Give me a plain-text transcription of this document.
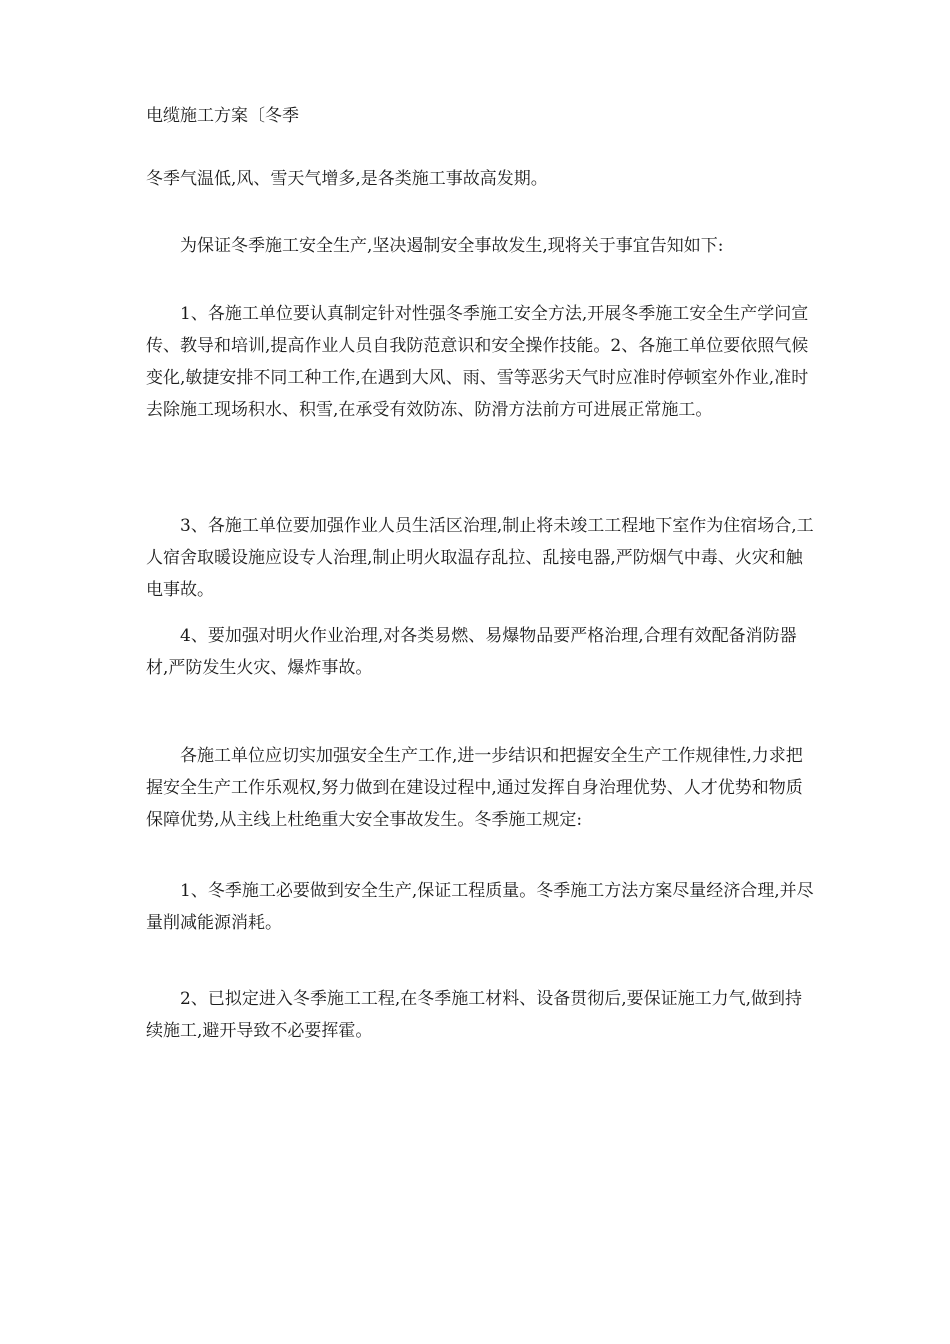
电缆施工方案〔冬季

冬季气温低,风、雪天气增多,是各类施工事故高发期。

为保证冬季施工安全生产,坚决遏制安全事故发生,现将关于事宜告知如下:

1、各施工单位要认真制定针对性强冬季施工安全方法,开展冬季施工安全生产学问宣传、教导和培训,提高作业人员自我防范意识和安全操作技能。2、各施工单位要依照气候变化,敏捷安排不同工种工作,在遇到大风、雨、雪等恶劣天气时应准时停顿室外作业,准时去除施工现场积水、积雪,在承受有效防冻、防滑方法前方可进展正常施工。

3、各施工单位要加强作业人员生活区治理,制止将未竣工工程地下室作为住宿场合,工人宿舍取暖设施应设专人治理,制止明火取温存乱拉、乱接电器,严防烟气中毒、火灾和触电事故。

4、要加强对明火作业治理,对各类易燃、易爆物品要严格治理,合理有效配备消防器材,严防发生火灾、爆炸事故。

各施工单位应切实加强安全生产工作,进一步结识和把握安全生产工作规律性,力求把握安全生产工作乐观权,努力做到在建设过程中,通过发挥自身治理优势、人才优势和物质保障优势,从主线上杜绝重大安全事故发生。冬季施工规定:

1、冬季施工必要做到安全生产,保证工程质量。冬季施工方法方案尽量经济合理,并尽量削减能源消耗。

2、已拟定进入冬季施工工程,在冬季施工材料、设备贯彻后,要保证施工力气,做到持续施工,避开导致不必要挥霍。
